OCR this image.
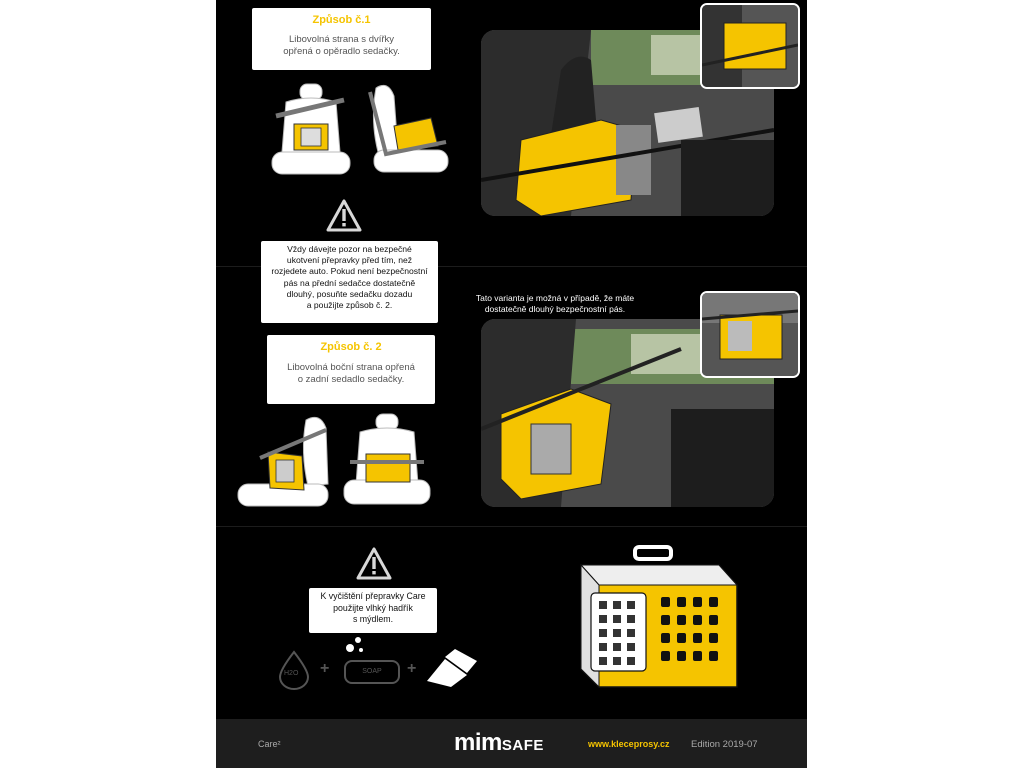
Způsob č.1
Libovolná strana s dvířky
opřená o opěradlo sedačky.
Vždy dávejte pozor na bezpečné
ukotvení přepravky před tím, než
rozjedete auto. Pokud není bezpečnostní
pás na přední sedačce dostatečně
dlouhý, posuňte sedačku dozadu
a použijte způsob č. 2.
Způsob č. 2
Libovolná boční strana opřená
o zadní sedadlo sedačky.
Tato varianta je možná v případě, že máte
dostatečně dlouhý bezpečnostní pás.
K vyčištění přepravky Care
použijte vlhký hadřík
s mýdlem.
H2O +	SOAP	+
Care²	mimSAFE	www.kleceprosy.cz Edition 2019-07
